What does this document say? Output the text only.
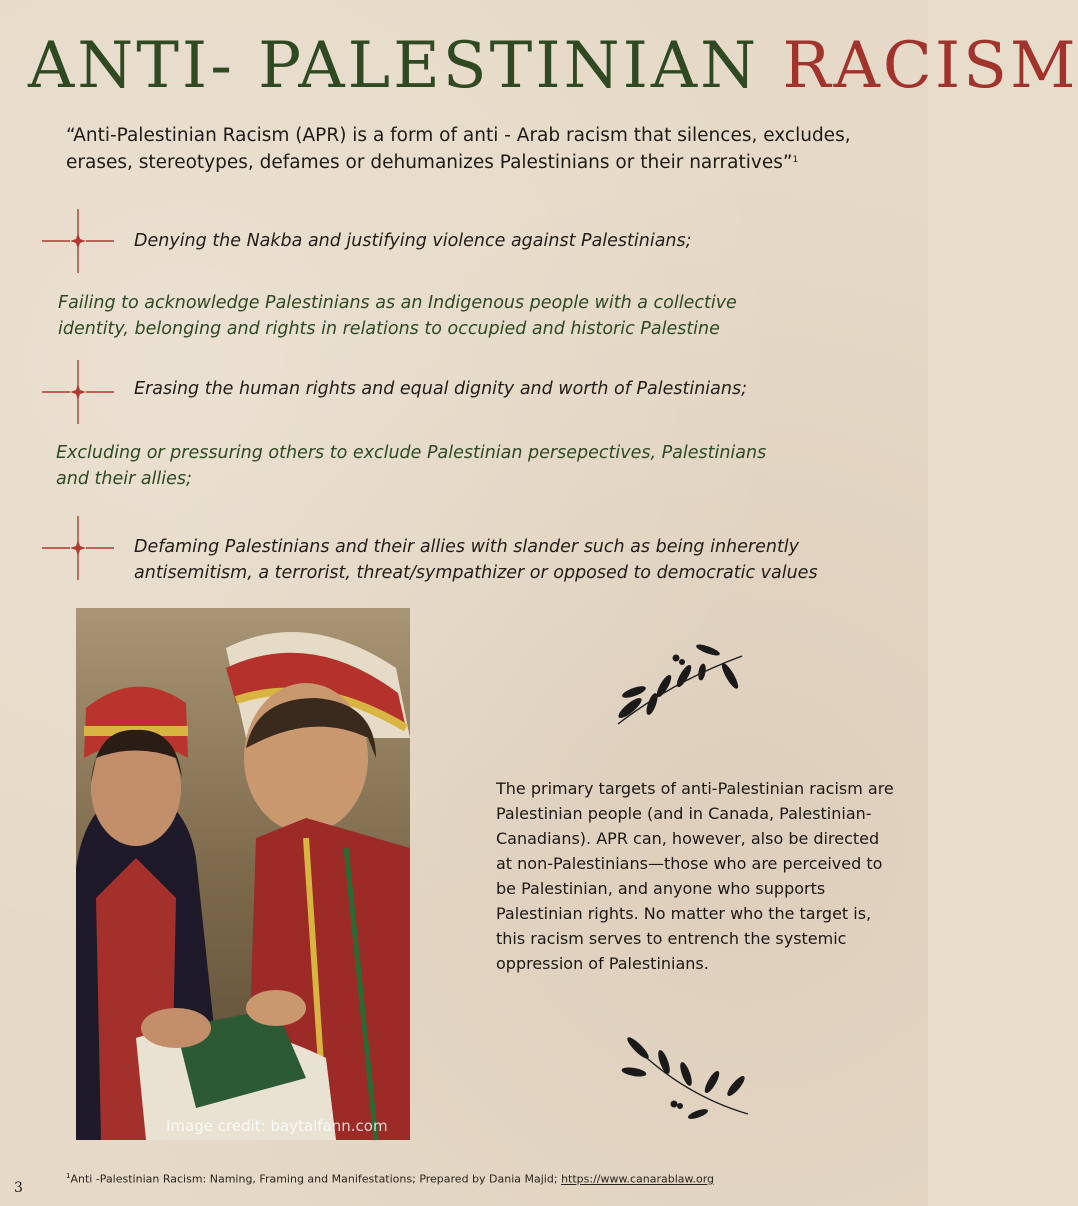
ANTI- PALESTINIAN RACISM
“Anti-Palestinian Racism (APR) is a form of anti - Arab racism that silences, excludes, erases, stereotypes, defames or dehumanizes Palestinians or their narratives”$^1$
Denying the Nakba and justifying violence against Palestinians;
Failing to acknowledge Palestinians as an Indigenous people with a collective identity, belonging and rights in relations to occupied and historic Palestine
Erasing the human rights and equal dignity and worth of Palestinians;
Excluding or pressuring others to exclude Palestinian persepectives, Palestinians and their allies;
Defaming Palestinians and their allies with slander such as being inherently antisemitism, a terrorist, threat/sympathizer or opposed to democratic values
Image credit: baytalfann.com
The primary targets of anti-Palestinian racism are Palestinian people (and in Canada, Palestinian-Canadians). APR can, however, also be directed at non-Palestinians—those who are perceived to be Palestinian, and anyone who supports Palestinian rights. No matter who the target is, this racism serves to entrench the systemic oppression of Palestinians.
$^1$Anti -Palestinian Racism: Naming, Framing and Manifestations; Prepared by Dania Majid; https://www.canarablaw.org
3
